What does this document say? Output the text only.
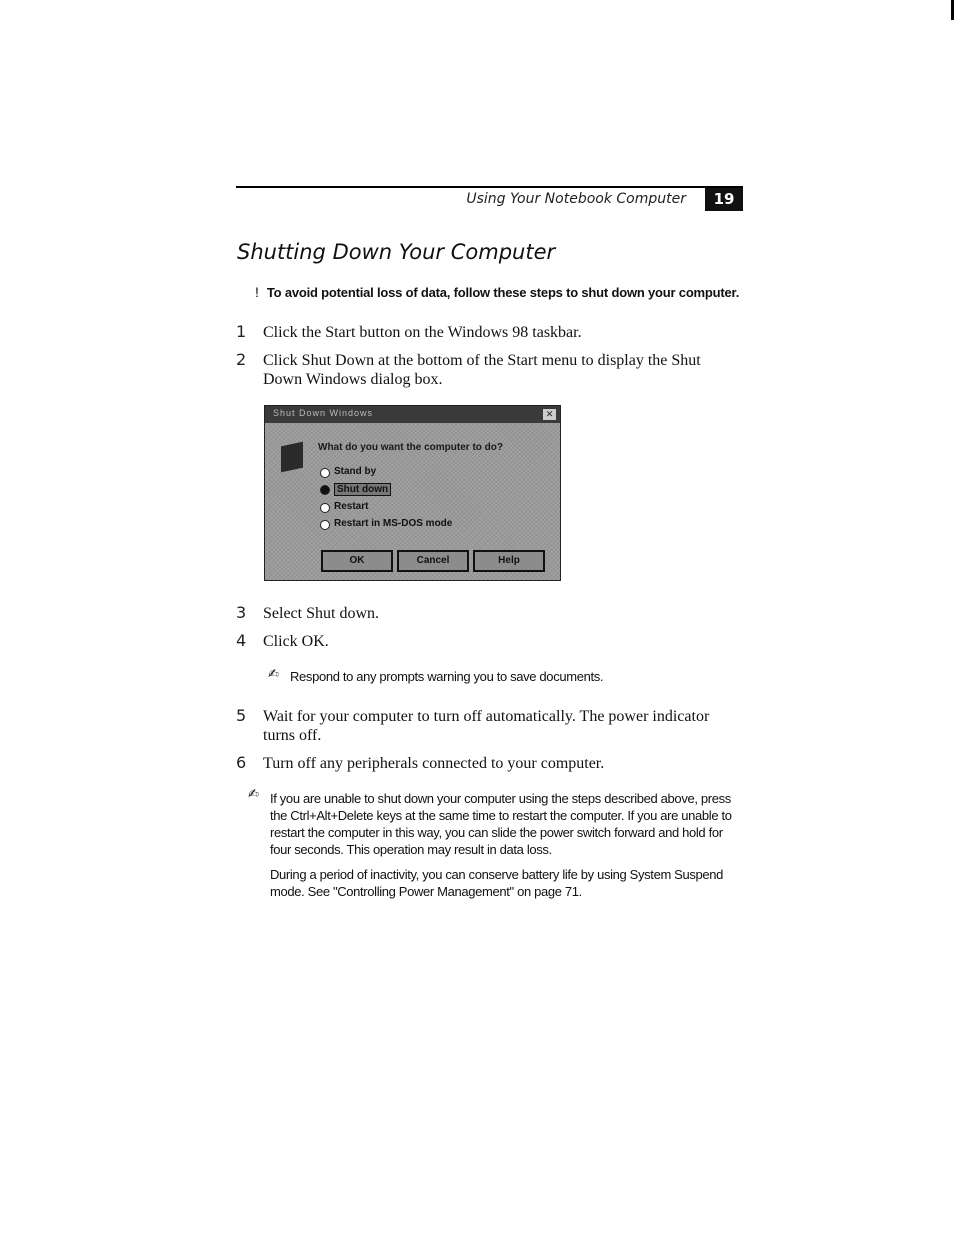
Using Your Notebook Computer	19
Shutting Down Your Computer
! To avoid potential loss of data, follow these steps to shut down your computer.
1 Click the Start button on the Windows 98 taskbar.
2 Click Shut Down at the bottom of the Start menu to display the Shut Down Windows dialog box.
Shut Down Windows	✕
What do you want the computer to do?
Stand by
Shut down
Restart
Restart in MS-DOS mode
OK	Cancel	Help
3 Select Shut down.
4 Click OK.
✍ Respond to any prompts warning you to save documents.
5 Wait for your computer to turn off automatically. The power indicator turns off.
6 Turn off any peripherals connected to your computer.
✍ If you are unable to shut down your computer using the steps described above, press the Ctrl+Alt+Delete keys at the same time to restart the computer. If you are unable to restart the computer in this way, you can slide the power switch forward and hold for four seconds. This operation may result in data loss.
During a period of inactivity, you can conserve battery life by using System Suspend mode. See "Controlling Power Management" on page 71.
